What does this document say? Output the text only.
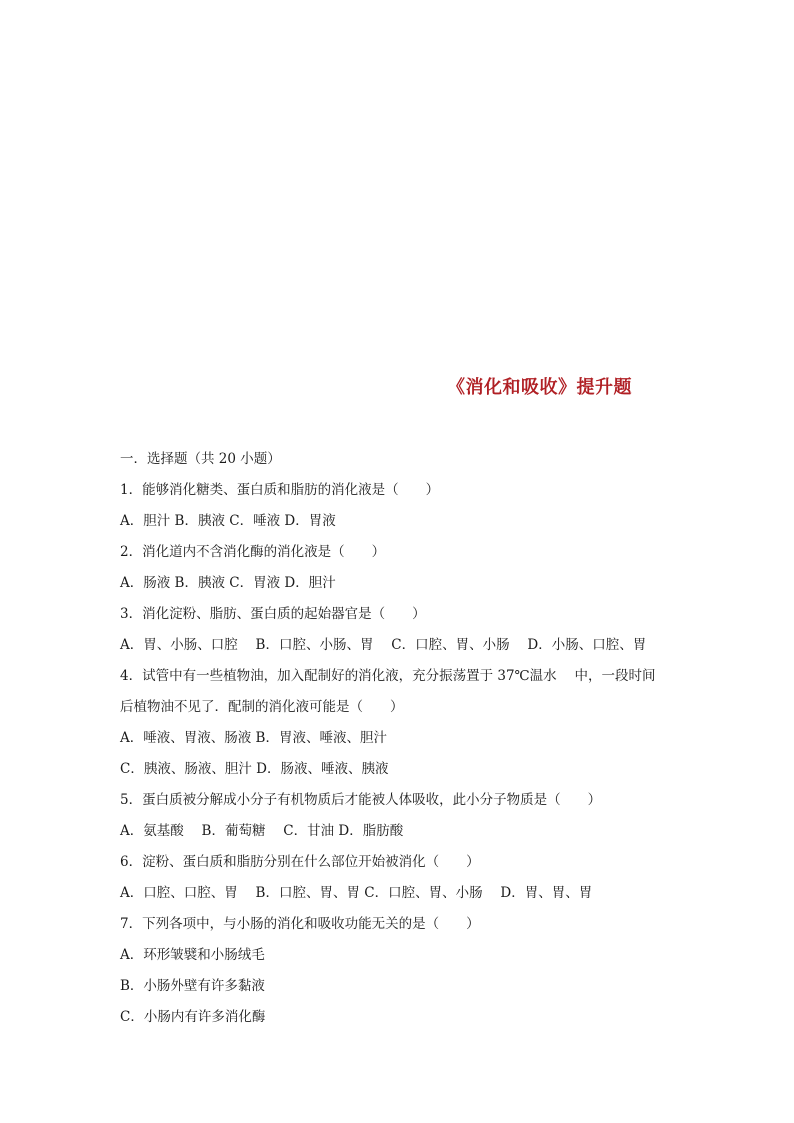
《消化和吸收》提升题
一．选择题（共 20 小题）
1．能够消化糖类、蛋白质和脂肪的消化液是（　　）
A．胆汁 B．胰液 C．唾液 D．胃液
2．消化道内不含消化酶的消化液是（　　）
A．肠液 B．胰液 C．胃液 D．胆汁
3．消化淀粉、脂肪、蛋白质的起始器官是（　　）
A．胃、小肠、口腔　 B．口腔、小肠、胃　 C．口腔、胃、小肠　 D．小肠、口腔、胃
4．试管中有一些植物油，加入配制好的消化液，充分振荡置于 37℃温水　 中，一段时间
后植物油不见了．配制的消化液可能是（　　）
A．唾液、胃液、肠液 B．胃液、唾液、胆汁
C．胰液、肠液、胆汁 D．肠液、唾液、胰液
5．蛋白质被分解成小分子有机物质后才能被人体吸收，此小分子物质是（　　）
A．氨基酸　 B．葡萄糖　 C．甘油 D．脂肪酸
6．淀粉、蛋白质和脂肪分别在什么部位开始被消化（　　）
A．口腔、口腔、胃　 B．口腔、胃、胃 C．口腔、胃、小肠　 D．胃、胃、胃
7．下列各项中，与小肠的消化和吸收功能无关的是（　　）
A．环形皱襞和小肠绒毛
B．小肠外壁有许多黏液
C．小肠内有许多消化酶
